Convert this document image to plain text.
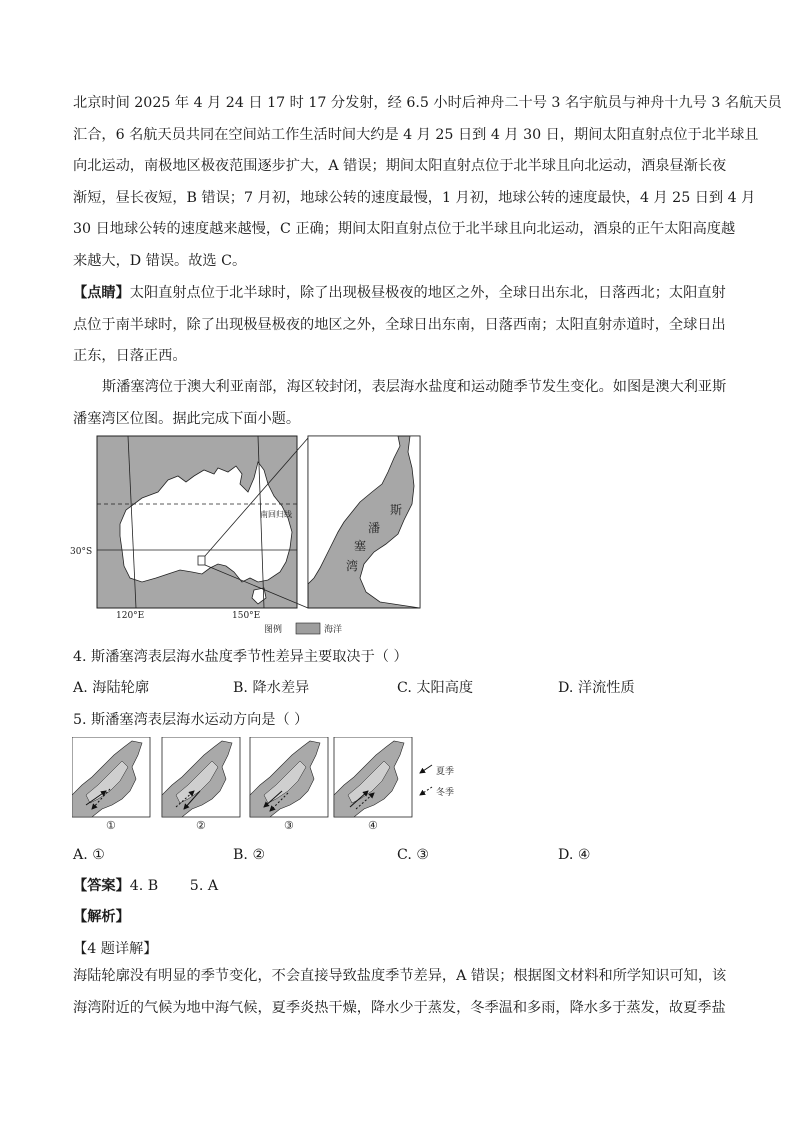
北京时间 2025 年 4 月 24 日 17 时 17 分发射，经 6.5 小时后神舟二十号 3 名宇航员与神舟十九号 3 名航天员
汇合，6 名航天员共同在空间站工作生活时间大约是 4 月 25 日到 4 月 30 日，期间太阳直射点位于北半球且
向北运动，南极地区极夜范围逐步扩大，A 错误；期间太阳直射点位于北半球且向北运动，酒泉昼渐长夜
渐短，昼长夜短，B 错误；7 月初，地球公转的速度最慢，1 月初，地球公转的速度最快，4 月 25 日到 4 月
30 日地球公转的速度越来越慢，C 正确；期间太阳直射点位于北半球且向北运动，酒泉的正午太阳高度越
来越大，D 错误。故选 C。
【点睛】太阳直射点位于北半球时，除了出现极昼极夜的地区之外，全球日出东北，日落西北；太阳直射
点位于南半球时，除了出现极昼极夜的地区之外，全球日出东南，日落西南；太阳直射赤道时，全球日出
正东，日落正西。
斯潘塞湾位于澳大利亚南部，海区较封闭，表层海水盐度和运动随季节发生变化。如图是澳大利亚斯
潘塞湾区位图。据此完成下面小题。
南回归线
30°S
120°E	150°E
斯
潘
塞
湾
图例	海洋
4. 斯潘塞湾表层海水盐度季节性差异主要取决于（ ）
A. 海陆轮廓	B. 降水差异	C. 太阳高度	D. 洋流性质
5. 斯潘塞湾表层海水运动方向是（ ）
①	②	③	④
夏季
冬季
A. ①	B. ②	C. ③	D. ④
【答案】4. B       5. A
【解析】
【4 题详解】
海陆轮廓没有明显的季节变化，不会直接导致盐度季节差异，A 错误；根据图文材料和所学知识可知，该
海湾附近的气候为地中海气候，夏季炎热干燥，降水少于蒸发，冬季温和多雨，降水多于蒸发，故夏季盐
